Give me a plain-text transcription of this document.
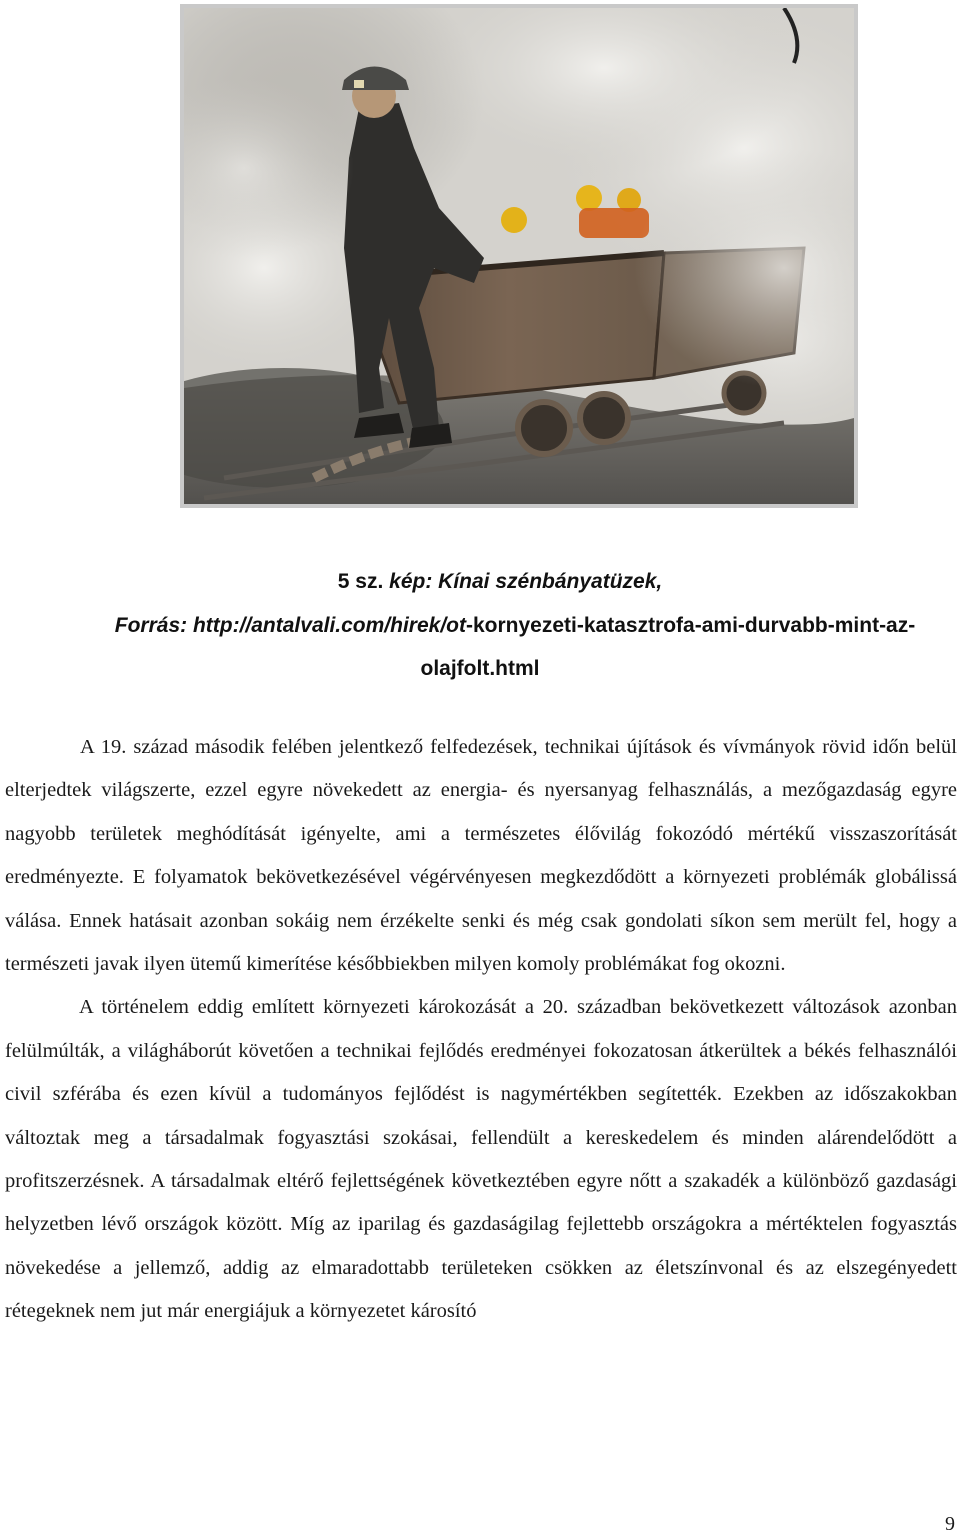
5 sz. kép: Kínai szénbányatüzek,
Forrás: http://antalvali.com/hirek/ot-kornyezeti-katasztrofa-ami-durvabb-mint-az-
olajfolt.html

A 19. század második felében jelentkező felfedezések, technikai újítások és vívmányok rövid időn belül elterjedtek világszerte, ezzel egyre növekedett az energia- és nyersanyag felhasználás, a mezőgazdaság egyre nagyobb területek meghódítását igényelte, ami a természetes élővilág fokozódó mértékű visszaszorítását eredményezte. E folyamatok bekövetkezésével végérvényesen megkezdődött a környezeti problémák globálissá válása. Ennek hatásait azonban sokáig nem érzékelte senki és még csak gondolati síkon sem merült fel, hogy a természeti javak ilyen ütemű kimerítése későbbiekben milyen komoly problémákat fog okozni.

A történelem eddig említett környezeti károkozását a 20. században bekövetkezett változások azonban felülmúlták, a világháborút követően a technikai fejlődés eredményei fokozatosan átkerültek a békés felhasználói civil szférába és ezen kívül a tudományos fejlődést is nagymértékben segítették. Ezekben az időszakokban változtak meg a társadalmak fogyasztási szokásai, fellendült a kereskedelem és minden alárendelődött a profitszerzésnek. A társadalmak eltérő fejlettségének következtében egyre nőtt a szakadék a különböző gazdasági helyzetben lévő országok között. Míg az iparilag és gazdaságilag fejlettebb országokra a mértéktelen fogyasztás növekedése a jellemző, addig az elmaradottabb területeken csökken az életszínvonal és az elszegényedett rétegeknek nem jut már energiájuk a környezetet károsító

9
